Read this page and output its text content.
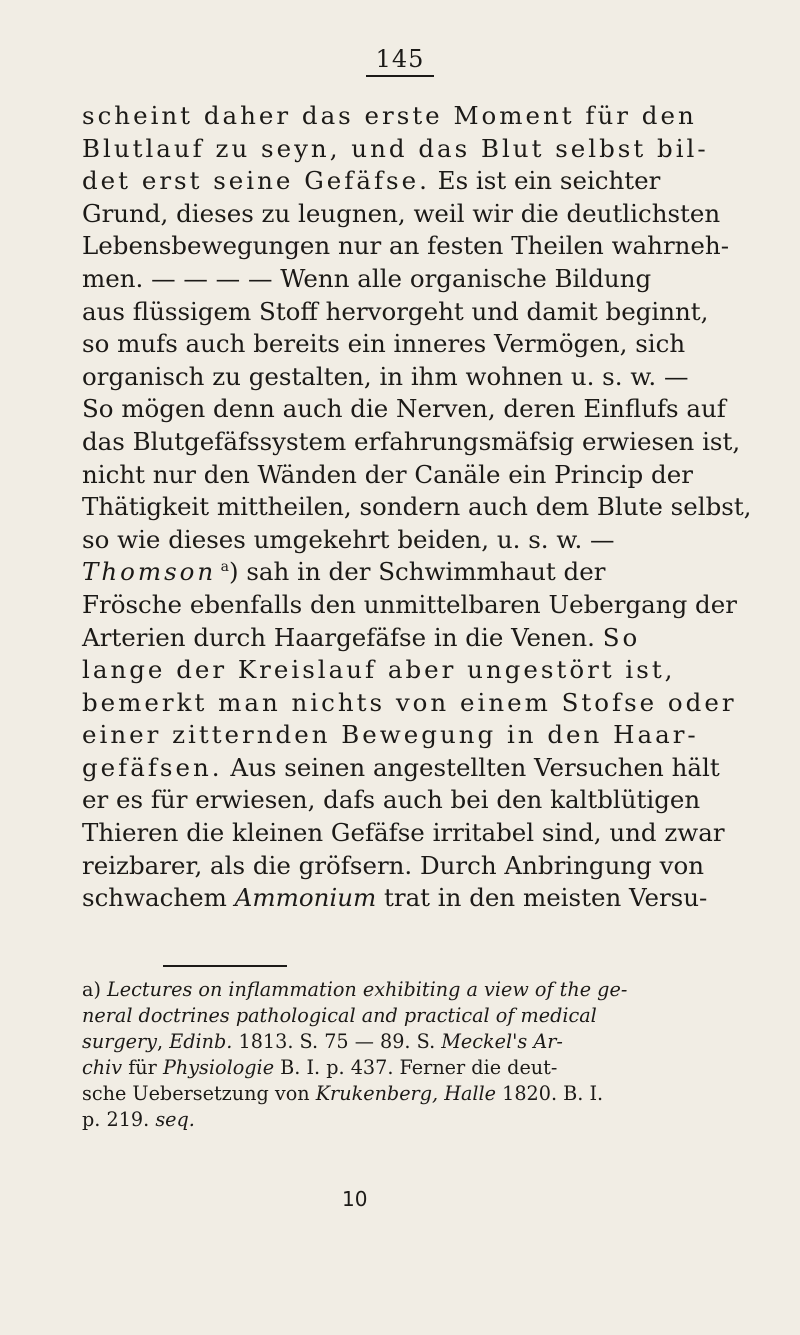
145
scheint daher das erste Moment für den
Blutlauf zu seyn, und das Blut selbst bil-
det erst seine Gefäfse. Es ist ein seichter
Grund, dieses zu leugnen, weil wir die deutlichsten
Lebensbewegungen nur an festen Theilen wahrneh-
men. — — — — Wenn alle organische Bildung
aus flüssigem Stoff hervorgeht und damit beginnt,
so mufs auch bereits ein inneres Vermögen, sich
organisch zu gestalten, in ihm wohnen u. s. w. —
So mögen denn auch die Nerven, deren Einflufs auf
das Blutgefäfssystem erfahrungsmäfsig erwiesen ist,
nicht nur den Wänden der Canäle ein Princip der
Thätigkeit mittheilen, sondern auch dem Blute selbst,
so wie dieses umgekehrt beiden, u. s. w. —
Thomson $^a$) sah in der Schwimmhaut der
Frösche ebenfalls den unmittelbaren Uebergang der
Arterien durch Haargefäfse in die Venen. So
lange der Kreislauf aber ungestört ist,
bemerkt man nichts von einem Stofse oder
einer zitternden Bewegung in den Haar-
gefäfsen. Aus seinen angestellten Versuchen hält
er es für erwiesen, dafs auch bei den kaltblütigen
Thieren die kleinen Gefäfse irritabel sind, und zwar
reizbarer, als die gröfsern. Durch Anbringung von
schwachem Ammonium trat in den meisten Versu-
a) Lectures on inflammation exhibiting a view of the ge-
neral doctrines pathological and practical of medical
surgery, Edinb. 1813. S. 75 — 89. S. Meckel's Ar-
chiv für Physiologie B. I. p. 437. Ferner die deut-
sche Uebersetzung von Krukenberg, Halle 1820. B. I.
p. 219. seq.
10
